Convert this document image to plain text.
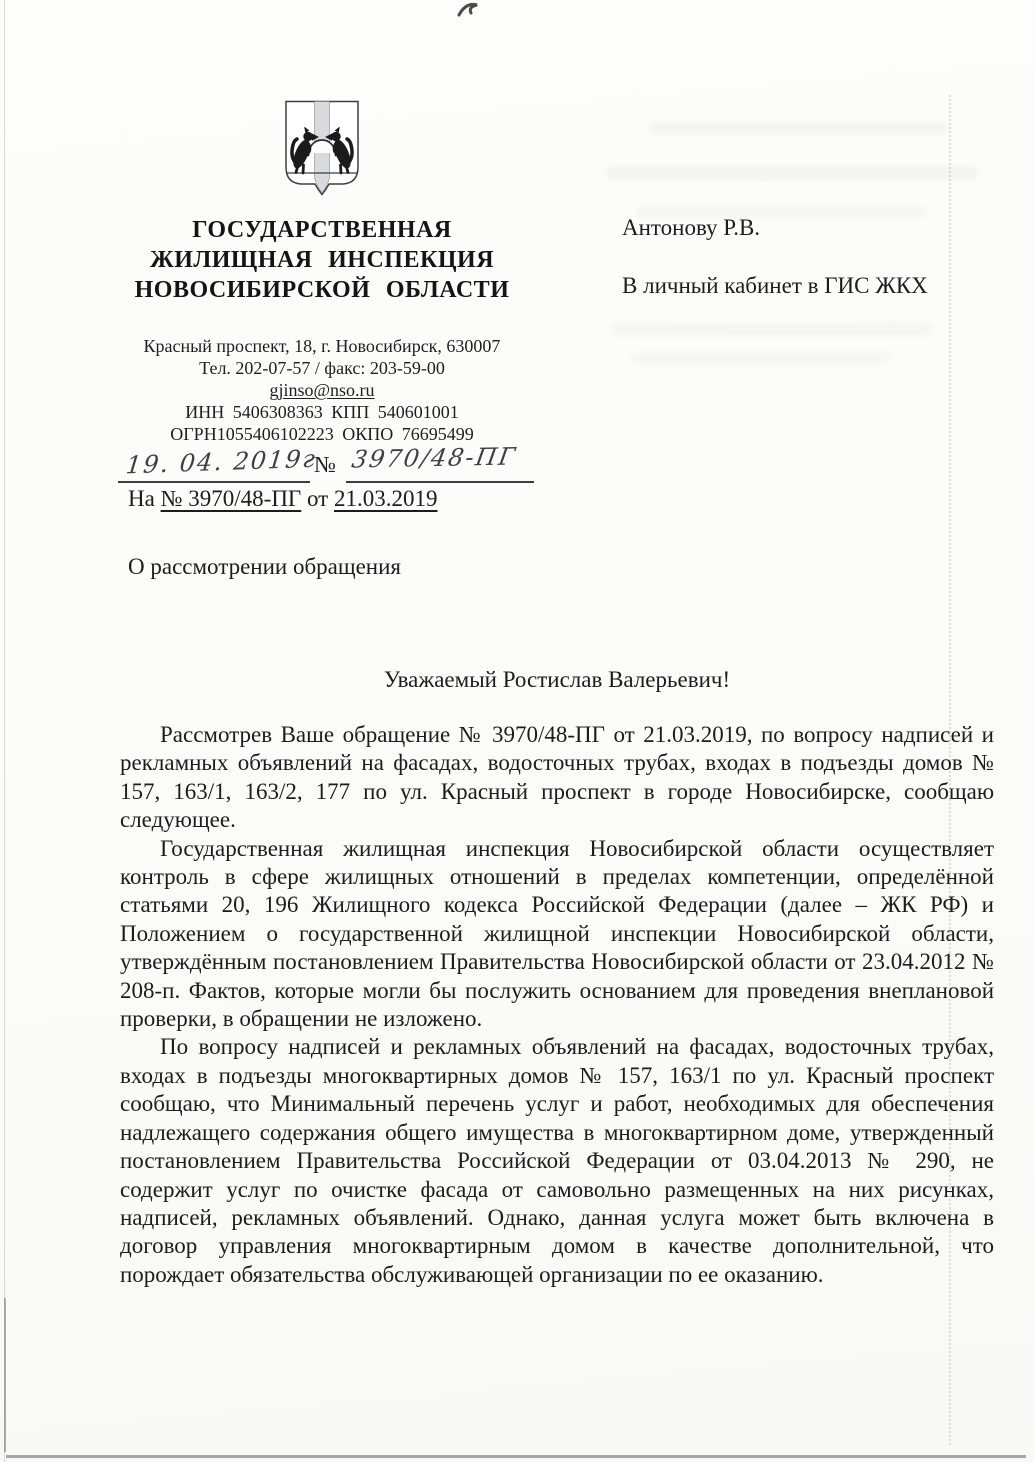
ГОСУДАРСТВЕННАЯ
ЖИЛИЩНАЯ ИНСПЕКЦИЯ
НОВОСИБИРСКОЙ ОБЛАСТИ
Красный проспект, 18, г. Новосибирск, 630007
Тел. 202-07-57 / факс: 203-59-00
gjinso@nso.ru
ИНН 5406308363 КПП 540601001
ОГРН1055406102223 ОКПО 76695499
19. 04. 2019г
№ 3970/48-ПГ
На № 3970/48-ПГ от 21.03.2019
Антонову Р.В.
В личный кабинет в ГИС ЖКХ
О рассмотрении обращения
Уважаемый Ростислав Валерьевич!

Рассмотрев Ваше обращение № 3970/48-ПГ от 21.03.2019, по вопросу надписей и рекламных объявлений на фасадах, водосточных трубах, входах в подъезды домов № 157, 163/1, 163/2, 177 по ул. Красный проспект в городе Новосибирске, сообщаю следующее.

Государственная жилищная инспекция Новосибирской области осуществляет контроль в сфере жилищных отношений в пределах компетенции, определённой статьями 20, 196 Жилищного кодекса Российской Федерации (далее – ЖК РФ) и Положением о государственной жилищной инспекции Новосибирской области, утверждённым постановлением Правительства Новосибирской области от 23.04.2012 № 208-п. Фактов, которые могли бы послужить основанием для проведения внеплановой проверки, в обращении не изложено.

По вопросу надписей и рекламных объявлений на фасадах, водосточных трубах, входах в подъезды многоквартирных домов № 157, 163/1 по ул. Красный проспект сообщаю, что Минимальный перечень услуг и работ, необходимых для обеспечения надлежащего содержания общего имущества в многоквартирном доме, утвержденный постановлением Правительства Российской Федерации от 03.04.2013 № 290, не содержит услуг по очистке фасада от самовольно размещенных на них рисунках, надписей, рекламных объявлений. Однако, данная услуга может быть включена в договор управления многоквартирным домом в качестве дополнительной, что порождает обязательства обслуживающей организации по ее оказанию.
